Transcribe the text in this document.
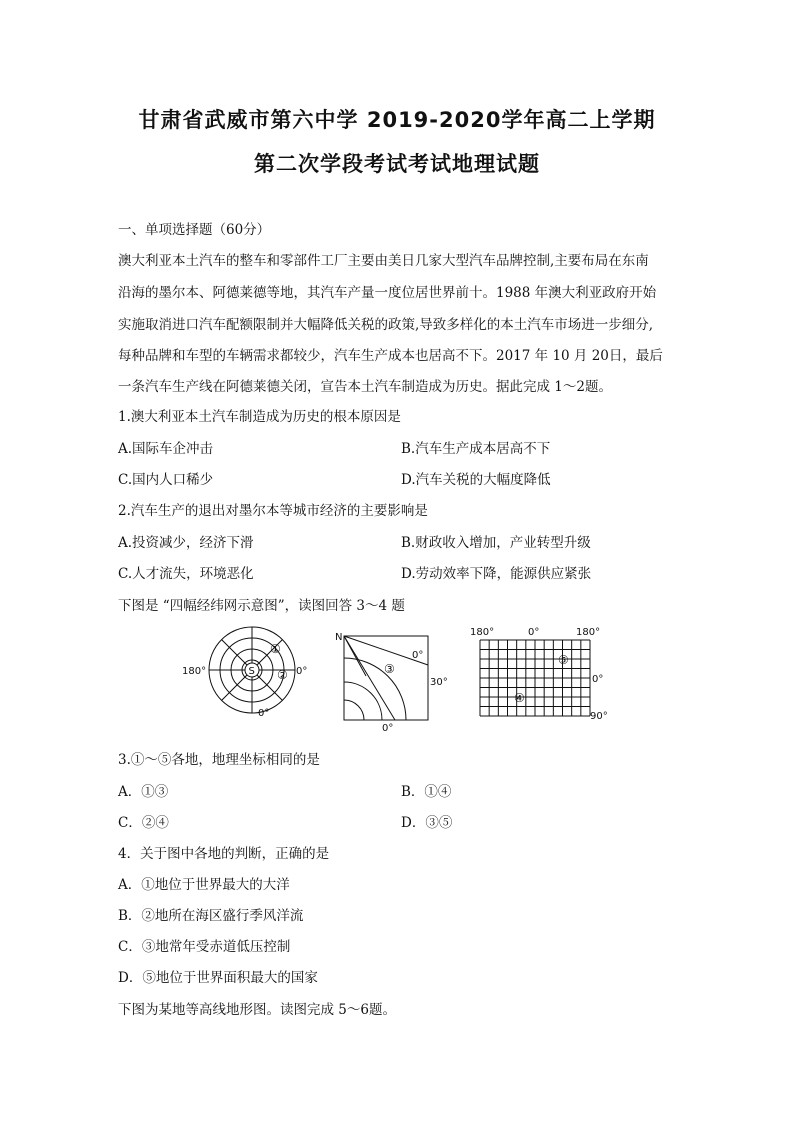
甘肃省武威市第六中学 2019-2020学年高二上学期
第二次学段考试考试地理试题
一、单项选择题（60分）
澳大利亚本土汽车的整车和零部件工厂主要由美日几家大型汽车品牌控制,主要布局在东南
沿海的墨尔本、阿德莱德等地，其汽车产量一度位居世界前十。1988 年澳大利亚政府开始
实施取消进口汽车配额限制并大幅降低关税的政策,导致多样化的本土汽车市场进一步细分,
每种品牌和车型的车辆需求都较少，汽车生产成本也居高不下。2017 年 10 月 20日，最后
一条汽车生产线在阿德莱德关闭，宣告本土汽车制造成为历史。据此完成 1～2题。
1.澳大利亚本土汽车制造成为历史的根本原因是
A.国际车企冲击	B.汽车生产成本居高不下
C.国内人口稀少	D.汽车关税的大幅度降低
2.汽车生产的退出对墨尔本等城市经济的主要影响是
A.投资减少，经济下滑	B.财政收入增加，产业转型升级
C.人才流失，环境恶化	D.劳动效率下降，能源供应紧张
下图是 “四幅经纬网示意图”，读图回答 3～4 题
S
180°	0°
0°
①
②
N
0°
30°
0°
③
180°	0°	180°
0°
90°
⑤
④
3.①～⑤各地，地理坐标相同的是
A．①③	B．①④
C．②④	D．③⑤
4．关于图中各地的判断，正确的是
A．①地位于世界最大的大洋
B．②地所在海区盛行季风洋流
C．③地常年受赤道低压控制
D．⑤地位于世界面积最大的国家
下图为某地等高线地形图。读图完成 5～6题。
